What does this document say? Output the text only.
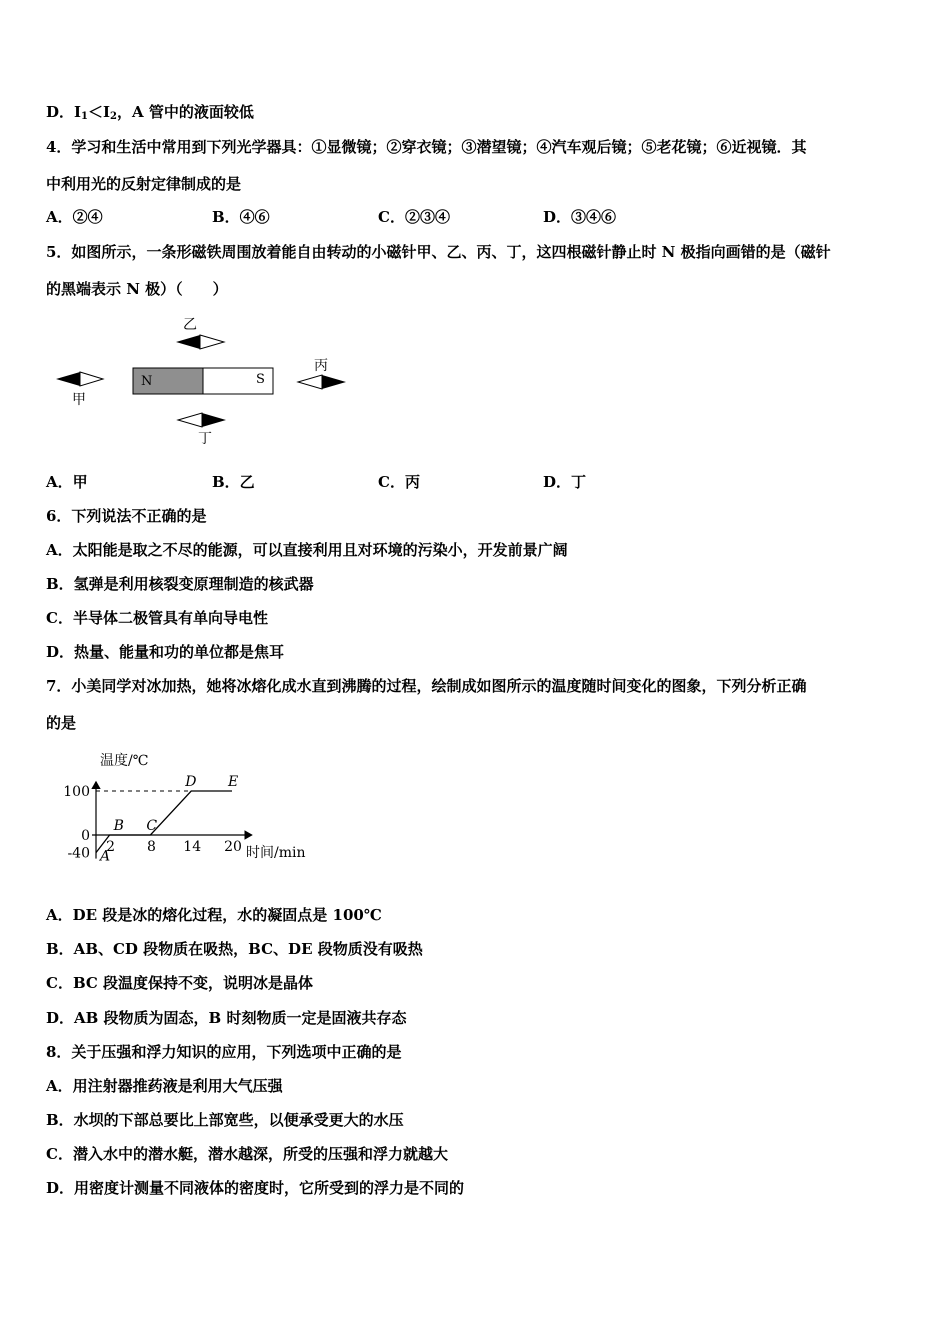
D．$I_1<I_2$，A 管中的液面较低
4．学习和生活中常用到下列光学器具：①显微镜；②穿衣镜；③潜望镜；④汽车观后镜；⑤老花镜；⑥近视镜．其
中利用光的反射定律制成的是
A．②④	B．④⑥	C．②③④	D．③④⑥
5．如图所示，一条形磁铁周围放着能自由转动的小磁针甲、乙、丙、丁，这四根磁针静止时 N 极指向画错的是（磁针
的黑端表示 N 极）（　　）
N	S
乙
甲
丙
丁
A．甲	B．乙	C．丙	D．丁
6．下列说法不正确的是
A．太阳能是取之不尽的能源，可以直接利用且对环境的污染小，开发前景广阔
B．氢弹是利用核裂变原理制造的核武器
C．半导体二极管具有单向导电性
D．热量、能量和功的单位都是焦耳
7．小美同学对冰加热，她将冰熔化成水直到沸腾的过程，绘制成如图所示的温度随时间变化的图象，下列分析正确
的是
温度/℃
时间/min
100
0
-40 2 8 14 20
A
B C
D E
A．DE 段是冰的熔化过程，水的凝固点是 100℃
B．AB、CD 段物质在吸热，BC、DE 段物质没有吸热
C．BC 段温度保持不变，说明冰是晶体
D．AB 段物质为固态，B 时刻物质一定是固液共存态
8．关于压强和浮力知识的应用，下列选项中正确的是
A．用注射器推药液是利用大气压强
B．水坝的下部总要比上部宽些，以便承受更大的水压
C．潜入水中的潜水艇，潜水越深，所受的压强和浮力就越大
D．用密度计测量不同液体的密度时，它所受到的浮力是不同的
